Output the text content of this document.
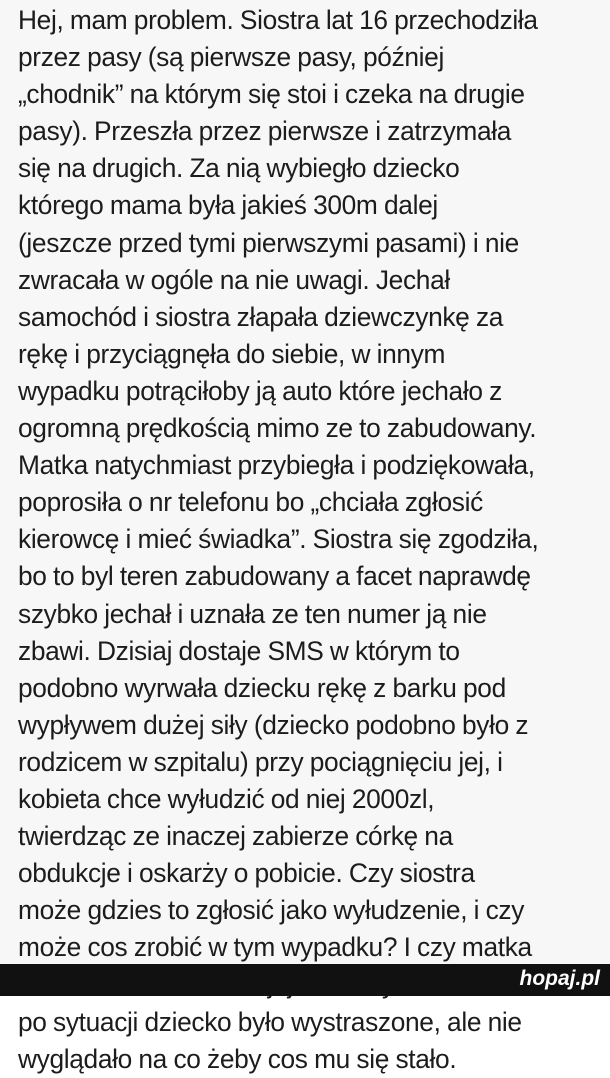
Hej, mam problem. Siostra lat 16 przechodziła
przez pasy (są pierwsze pasy, później
„chodnik” na którym się stoi i czeka na drugie
pasy). Przeszła przez pierwsze i zatrzymała
się na drugich. Za nią wybiegło dziecko
którego mama była jakieś 300m dalej
(jeszcze przed tymi pierwszymi pasami) i nie
zwracała w ogóle na nie uwagi. Jechał
samochód i siostra złapała dziewczynkę za
rękę i przyciągnęła do siebie, w innym
wypadku potrąciłoby ją auto które jechało z
ogromną prędkością mimo ze to zabudowany.
Matka natychmiast przybiegła i podziękowała,
poprosiła o nr telefonu bo „chciała zgłosić
kierowcę i mieć świadka”. Siostra się zgodziła,
bo to byl teren zabudowany a facet naprawdę
szybko jechał i uznała ze ten numer ją nie
zbawi. Dzisiaj dostaje SMS w którym to
podobno wyrwała dziecku rękę z barku pod
wypływem dużej siły (dziecko podobno było z
rodzicem w szpitalu) przy pociągnięciu jej, i
kobieta chce wyłudzić od niej 2000zl,
twierdząc ze inaczej zabierze córkę na
obdukcje i oskarży o pobicie. Czy siostra
może gdzies to zgłosić jako wyłudzenie, i czy
może cos zrobić w tym wypadku? I czy matka
po sytuacji dziecko było wystraszone, ale nie
wyglądało na co żeby cos mu się stało.

hopaj.pl
